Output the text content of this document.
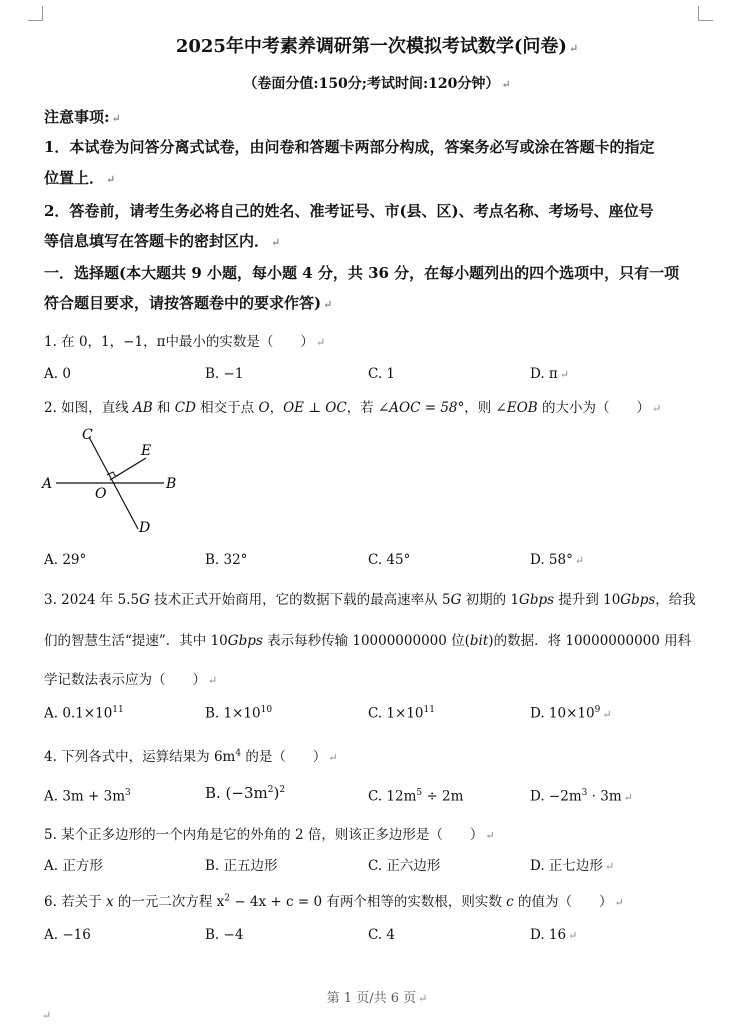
2025年中考素养调研第一次模拟考试数学(问卷) ↵
（卷面分值:150分;考试时间:120分钟） ↵
注意事项: ↵
1．本试卷为问答分离式试卷，由问卷和答题卡两部分构成，答案务必写或涂在答题卡的指定
位置上． ↵
2．答卷前，请考生务必将自己的姓名、准考证号、市(县、区)、考点名称、考场号、座位号
等信息填写在答题卡的密封区内． ↵
一．选择题(本大题共 9 小题，每小题 4 分，共 36 分，在每小题列出的四个选项中，只有一项
符合题目要求，请按答题卷中的要求作答) ↵
1. 在 0，1，−1，π中最小的实数是（　　） ↵
A. 0	B. −1	C. 1	D. π ↵
2. 如图，直线 AB 和 CD 相交于点 O，OE ⊥ OC，若 ∠AOC = 58°，则 ∠EOB 的大小为（　　） ↵
C
E
A	B
O
D
A. 29°	B. 32°	C. 45°	D. 58° ↵
3. 2024 年 5.5G 技术正式开始商用，它的数据下载的最高速率从 5G 初期的 1Gbps 提升到 10Gbps，给我
们的智慧生活“提速”．其中 10Gbps 表示每秒传输 10000000000 位(bit)的数据．将 10000000000 用科
学记数法表示应为（　　） ↵
A. $0.1\times 10^{11}$	B. $1\times 10^{10}$	C. $1\times 10^{11}$	D. $10\times 10^9$ ↵
4. 下列各式中，运算结果为 $6m^4$ 的是（　　） ↵
A. $3m + 3m^3$	B. $(-3m^2)^2$	C. $12m^5 \div 2m$	D. $-2m^3 \cdot 3m$ ↵
5. 某个正多边形的一个内角是它的外角的 2 倍，则该正多边形是（　　） ↵
A. 正方形	B. 正五边形	C. 正六边形	D. 正七边形 ↵
6. 若关于 x 的一元二次方程 $x^2 - 4x + c = 0$ 有两个相等的实数根，则实数 c 的值为（　　） ↵
A. −16	B. −4	C. 4	D. 16 ↵
第 1 页/共 6 页 ↵
↵
